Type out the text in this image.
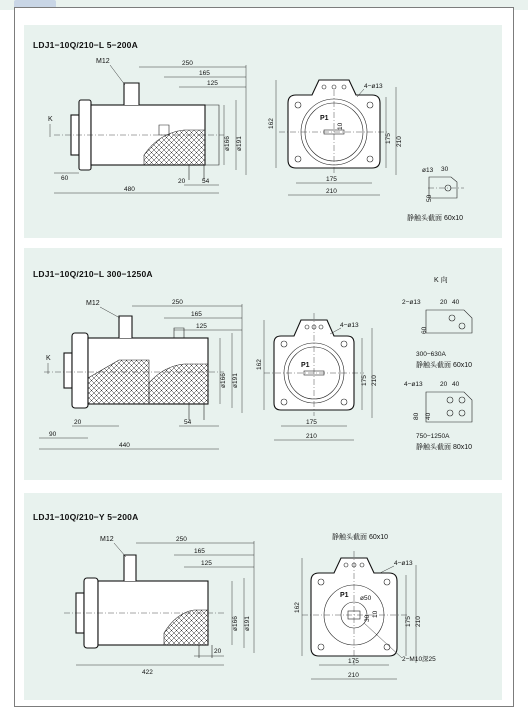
LDJ1−10Q/210−L 5−200A
250
165
125
M12
K
ø166 ø191
60	20	54
480
P1
10
4−ø13
162
175 210
175
210
ø13 30
50
静触头截面 60x10
LDJ1−10Q/210−L 300−1250A
250
165
125
M12
K
ø166 ø191
20	54
90
440
P1
4−ø13
162
175 210
175
210
K 向
2−ø13	20 40
60
300−630A
静触头截面 60x10
4−ø13	20 40
80 40
750−1250A
静触头截面 80x10
LDJ1−10Q/210−Y 5−200A
250
165
125
M12
ø166 ø191
20
422
P1 ø50
30
10
静触头截面 60x10
4−ø13
162
175 210
2−M10深25
175
210
